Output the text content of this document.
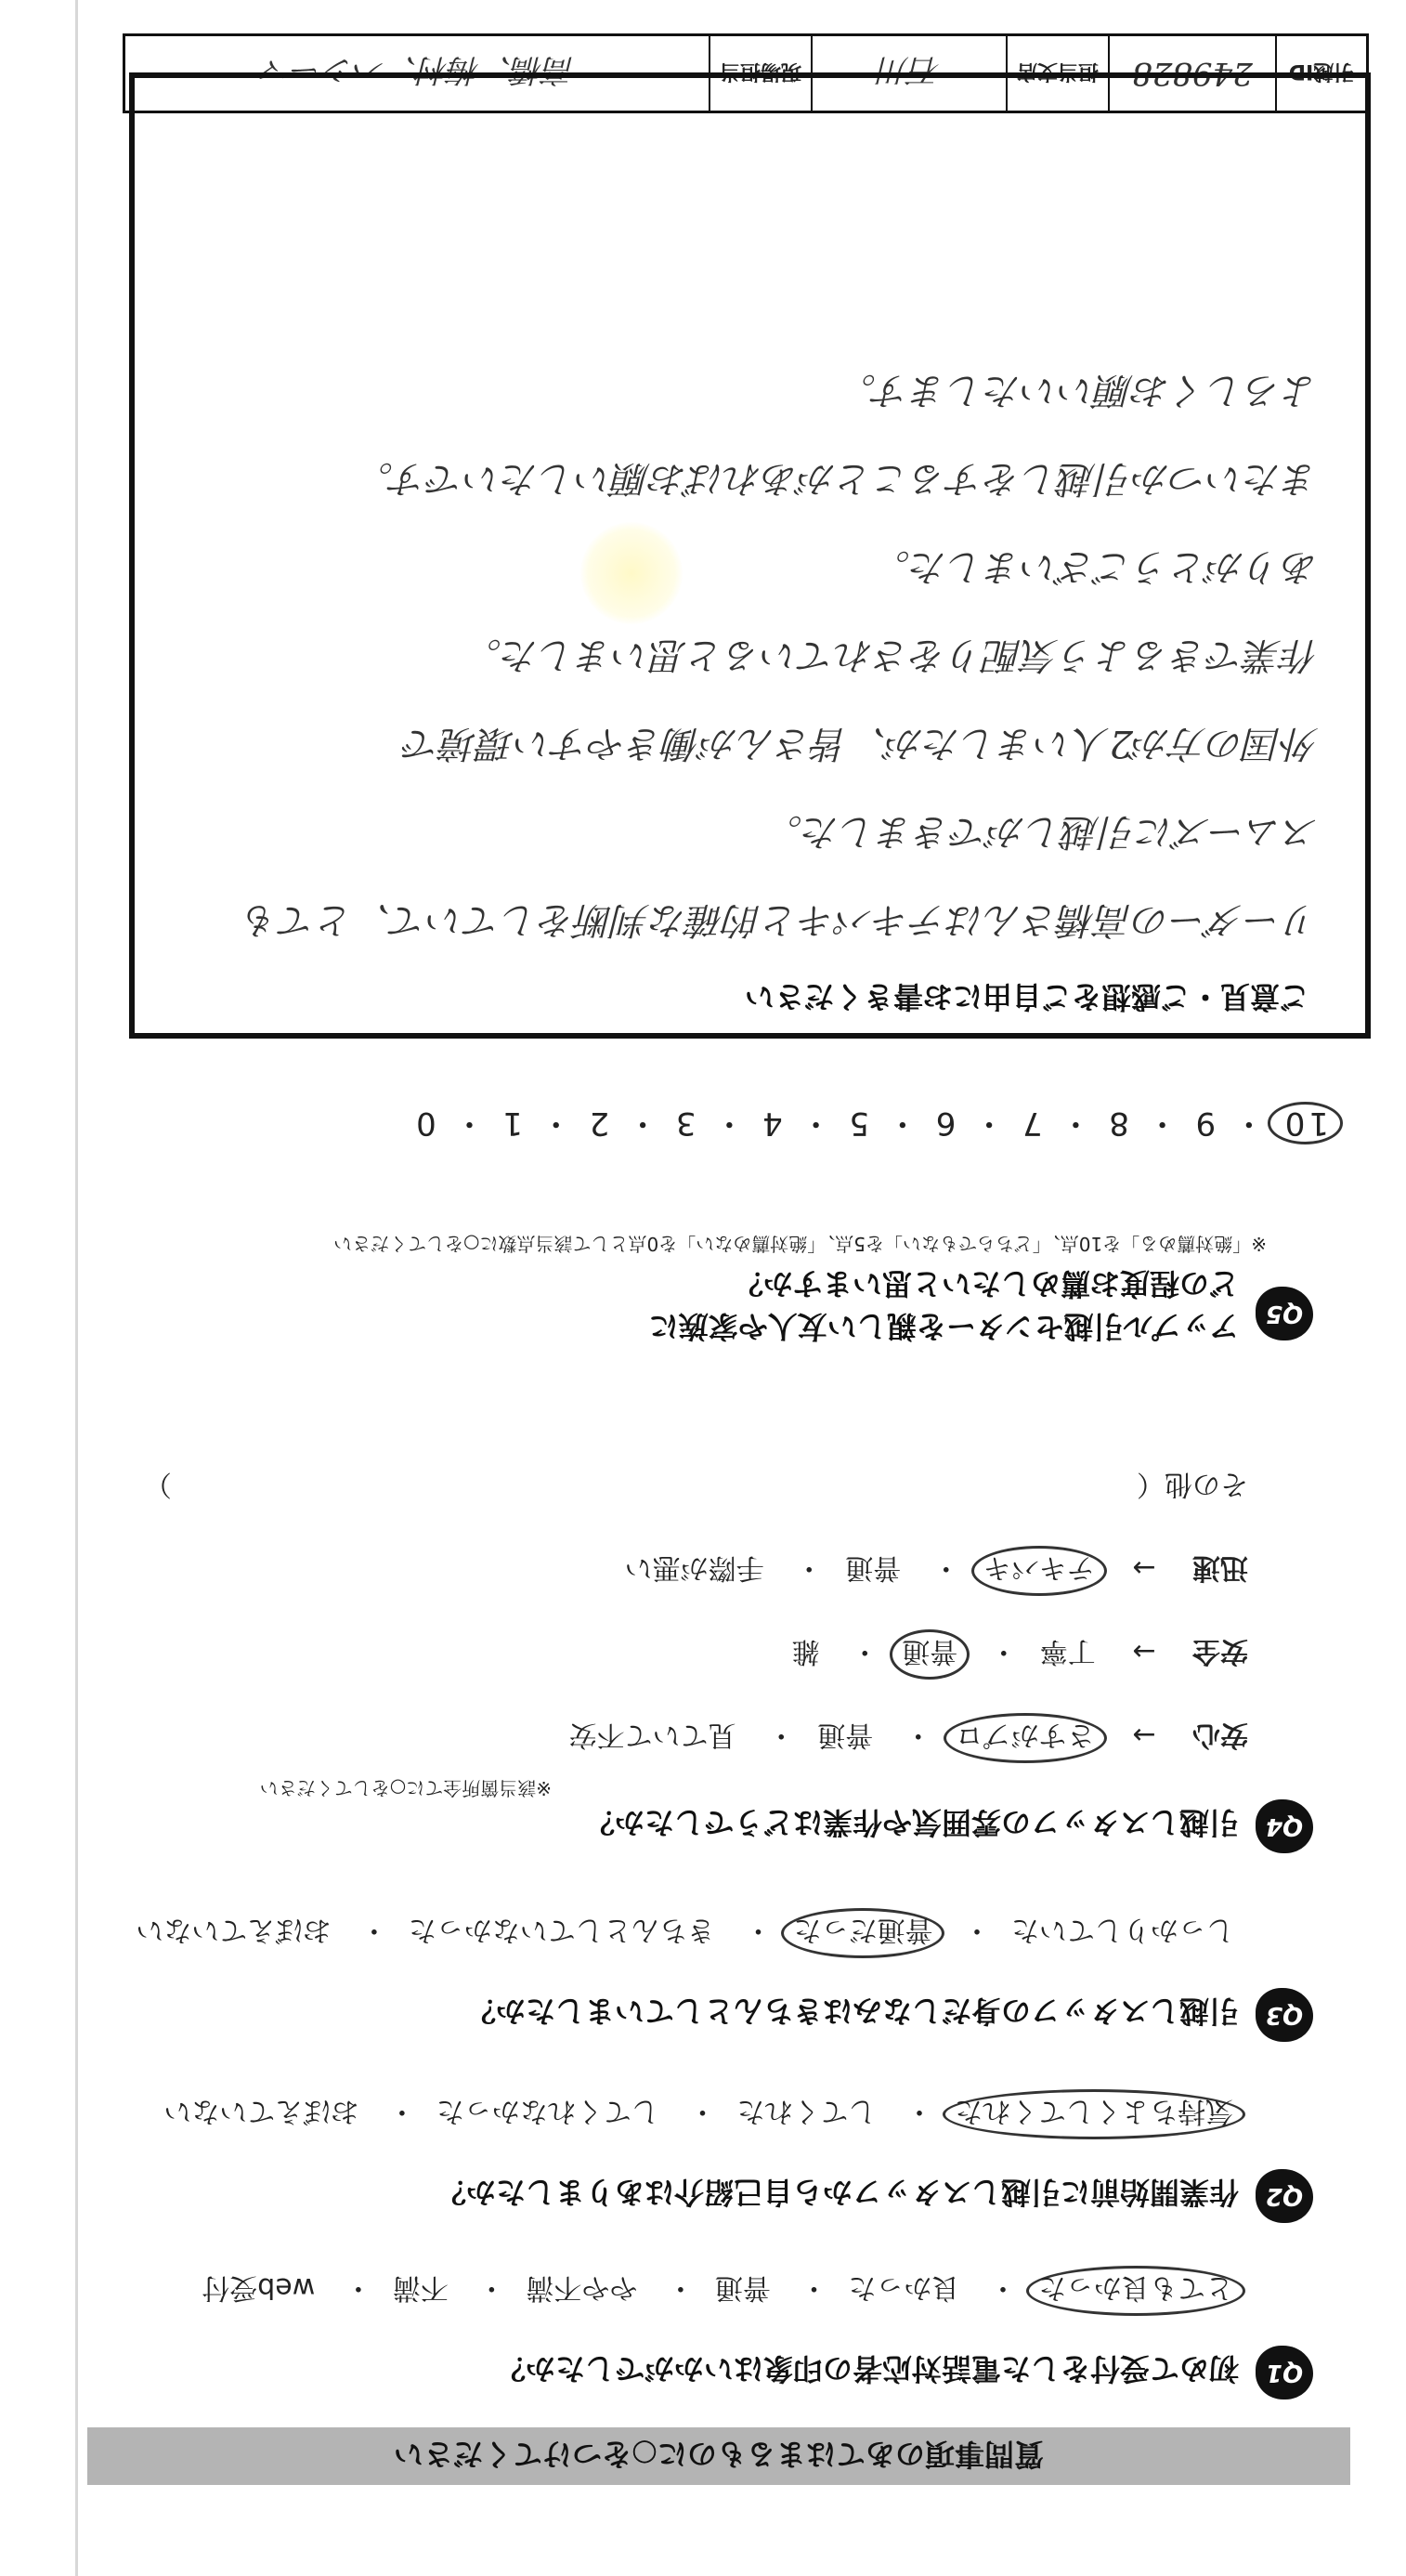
引越ID
249828
担当支店
石川
現場担当
高橋、梅村、ハシーマ
質問事項のあてはまるものに○をつけてください
Q1
初めて受付をした電話対応者の印象はいかがでしたか？
とても良かった・ 良かった・ 普通・ やや不満・ 不満・ web受付
Q2
作業開始前に引越しスタッフから自己紹介はありましたか？
気持ちよくしてくれた・ してくれた・ してくれなかった・ おぼえていない
Q3
引越しスタッフの身だしなみはきちんとしていましたか？
しっかりしていた・ 普通だった・ きちんとしていなかった・ おぼえていない
Q4
引越しスタッフの雰囲気や作業はどうでしたか？
※該当箇所全てに○をしてください
安心 → さすがプロ・ 普通・ 見ていて不安
安全 → 丁寧・ 普通・ 雑
迅速 → テキパキ・ 普通・ 手際が悪い
その他（  ）
Q5
アップル引越センターを親しい友人や家族に
どの程度お薦めしたいと思いますか？
※「絶対薦める」を10点、「どちらでもない」を5点、「絶対薦めない」を0点として該当点数に○をしてください
10 ・ 9 ・ 8 ・ 7 ・ 6 ・ 5 ・ 4 ・ 3 ・ 2 ・ 1 ・ 0
ご意見・ご感想をご自由にお書きください
リーダーの高橋さんはテキパキと的確な判断をしていて、とても
スムーズに引越しができました。
外国の方が2人いましたが、皆さんが働きやすい環境で
作業できるよう気配りをされていると思いました。
ありがとうございました。
またいつか引越しをすることがあればお願いしたいです。
よろしくお願いいたします。
